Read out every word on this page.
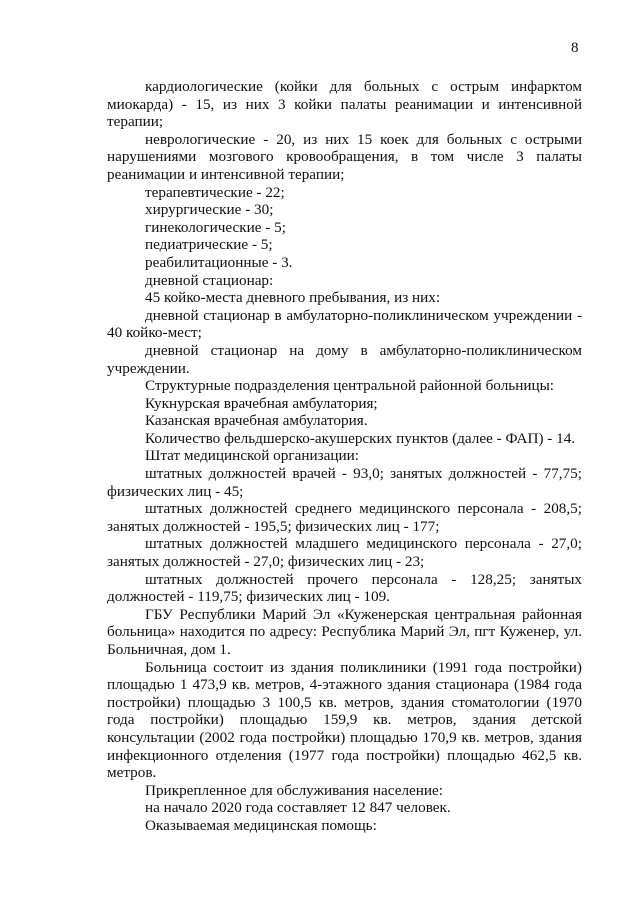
8

кардиологические (койки для больных с острым инфарктом миокарда) - 15, из них 3 койки палаты реанимации и интенсивной терапии;

неврологические - 20, из них 15 коек для больных с острыми нарушениями мозгового кровообращения, в том числе 3 палаты реанимации и интенсивной терапии;

терапевтические - 22;

хирургические - 30;

гинекологические - 5;

педиатрические - 5;

реабилитационные - 3.

дневной стационар:

45 койко-места дневного пребывания, из них:

дневной стационар в амбулаторно-поликлиническом учреждении - 40 койко-мест;

дневной стационар на дому в амбулаторно-поликлиническом учреждении.

Структурные подразделения центральной районной больницы:

Кукнурская врачебная амбулатория;

Казанская врачебная амбулатория.

Количество фельдшерско-акушерских пунктов (далее - ФАП) - 14.

Штат медицинской организации:

штатных должностей врачей - 93,0; занятых должностей - 77,75; физических лиц - 45;

штатных должностей среднего медицинского персонала - 208,5; занятых должностей - 195,5; физических лиц - 177;

штатных должностей младшего медицинского персонала - 27,0; занятых должностей - 27,0; физических лиц - 23;

штатных должностей прочего персонала - 128,25; занятых должностей - 119,75; физических лиц - 109.

ГБУ Республики Марий Эл «Куженерская центральная районная больница» находится по адресу: Республика Марий Эл, пгт Куженер, ул. Больничная, дом 1.

Больница состоит из здания поликлиники (1991 года постройки) площадью 1 473,9 кв. метров, 4-этажного здания стационара (1984 года постройки) площадью 3 100,5 кв. метров, здания стоматологии (1970 года постройки) площадью 159,9 кв. метров, здания детской консультации (2002 года постройки) площадью 170,9 кв. метров, здания инфекционного отделения (1977 года постройки) площадью 462,5 кв. метров.

Прикрепленное для обслуживания население:

на начало 2020 года составляет 12 847 человек.

Оказываемая медицинская помощь:
